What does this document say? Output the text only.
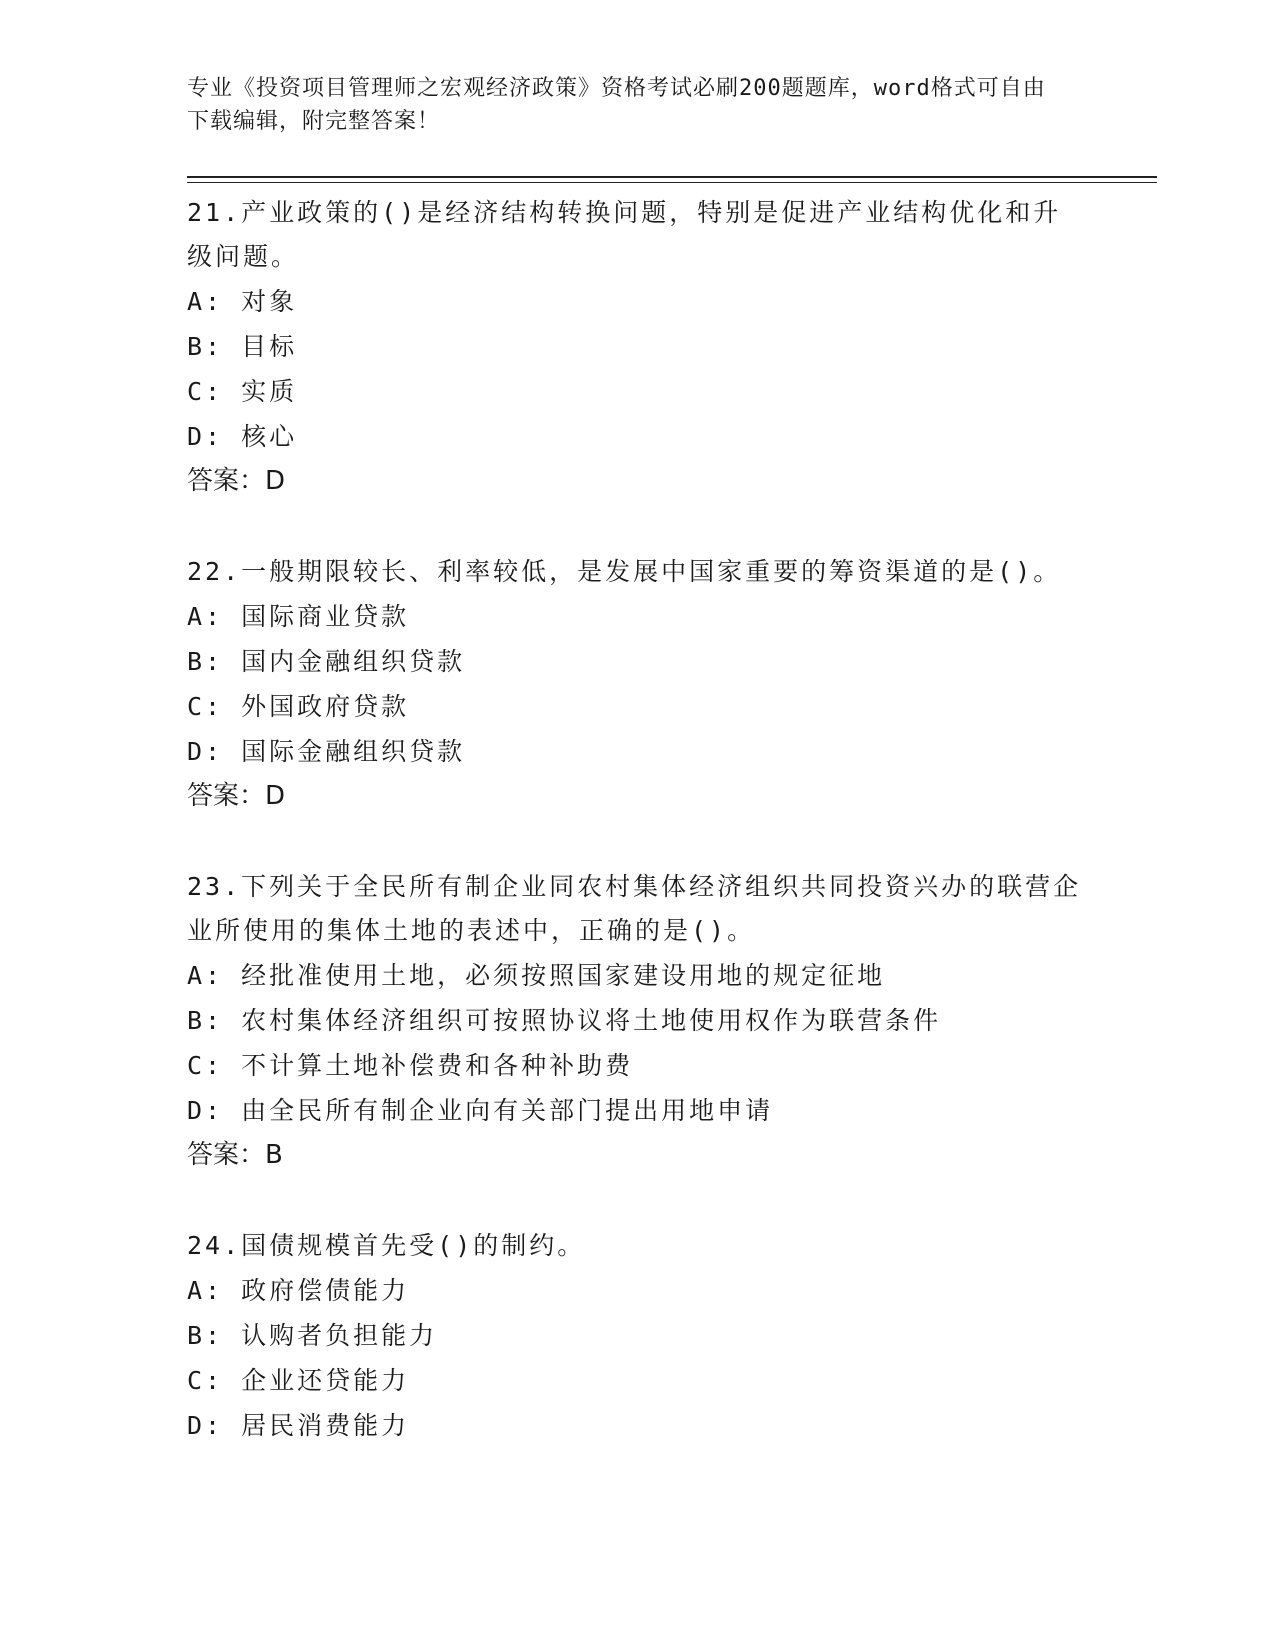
专业《投资项目管理师之宏观经济政策》资格考试必刷200题题库，word格式可自由下载编辑，附完整答案！
21.产业政策的()是经济结构转换问题，特别是促进产业结构优化和升级问题。
A: 对象
B: 目标
C: 实质
D: 核心
答案：D
22.一般期限较长、利率较低，是发展中国家重要的筹资渠道的是()。
A: 国际商业贷款
B: 国内金融组织贷款
C: 外国政府贷款
D: 国际金融组织贷款
答案：D
23.下列关于全民所有制企业同农村集体经济组织共同投资兴办的联营企业所使用的集体土地的表述中，正确的是()。
A: 经批准使用土地，必须按照国家建设用地的规定征地
B: 农村集体经济组织可按照协议将土地使用权作为联营条件
C: 不计算土地补偿费和各种补助费
D: 由全民所有制企业向有关部门提出用地申请
答案：B
24.国债规模首先受()的制约。
A: 政府偿债能力
B: 认购者负担能力
C: 企业还贷能力
D: 居民消费能力
